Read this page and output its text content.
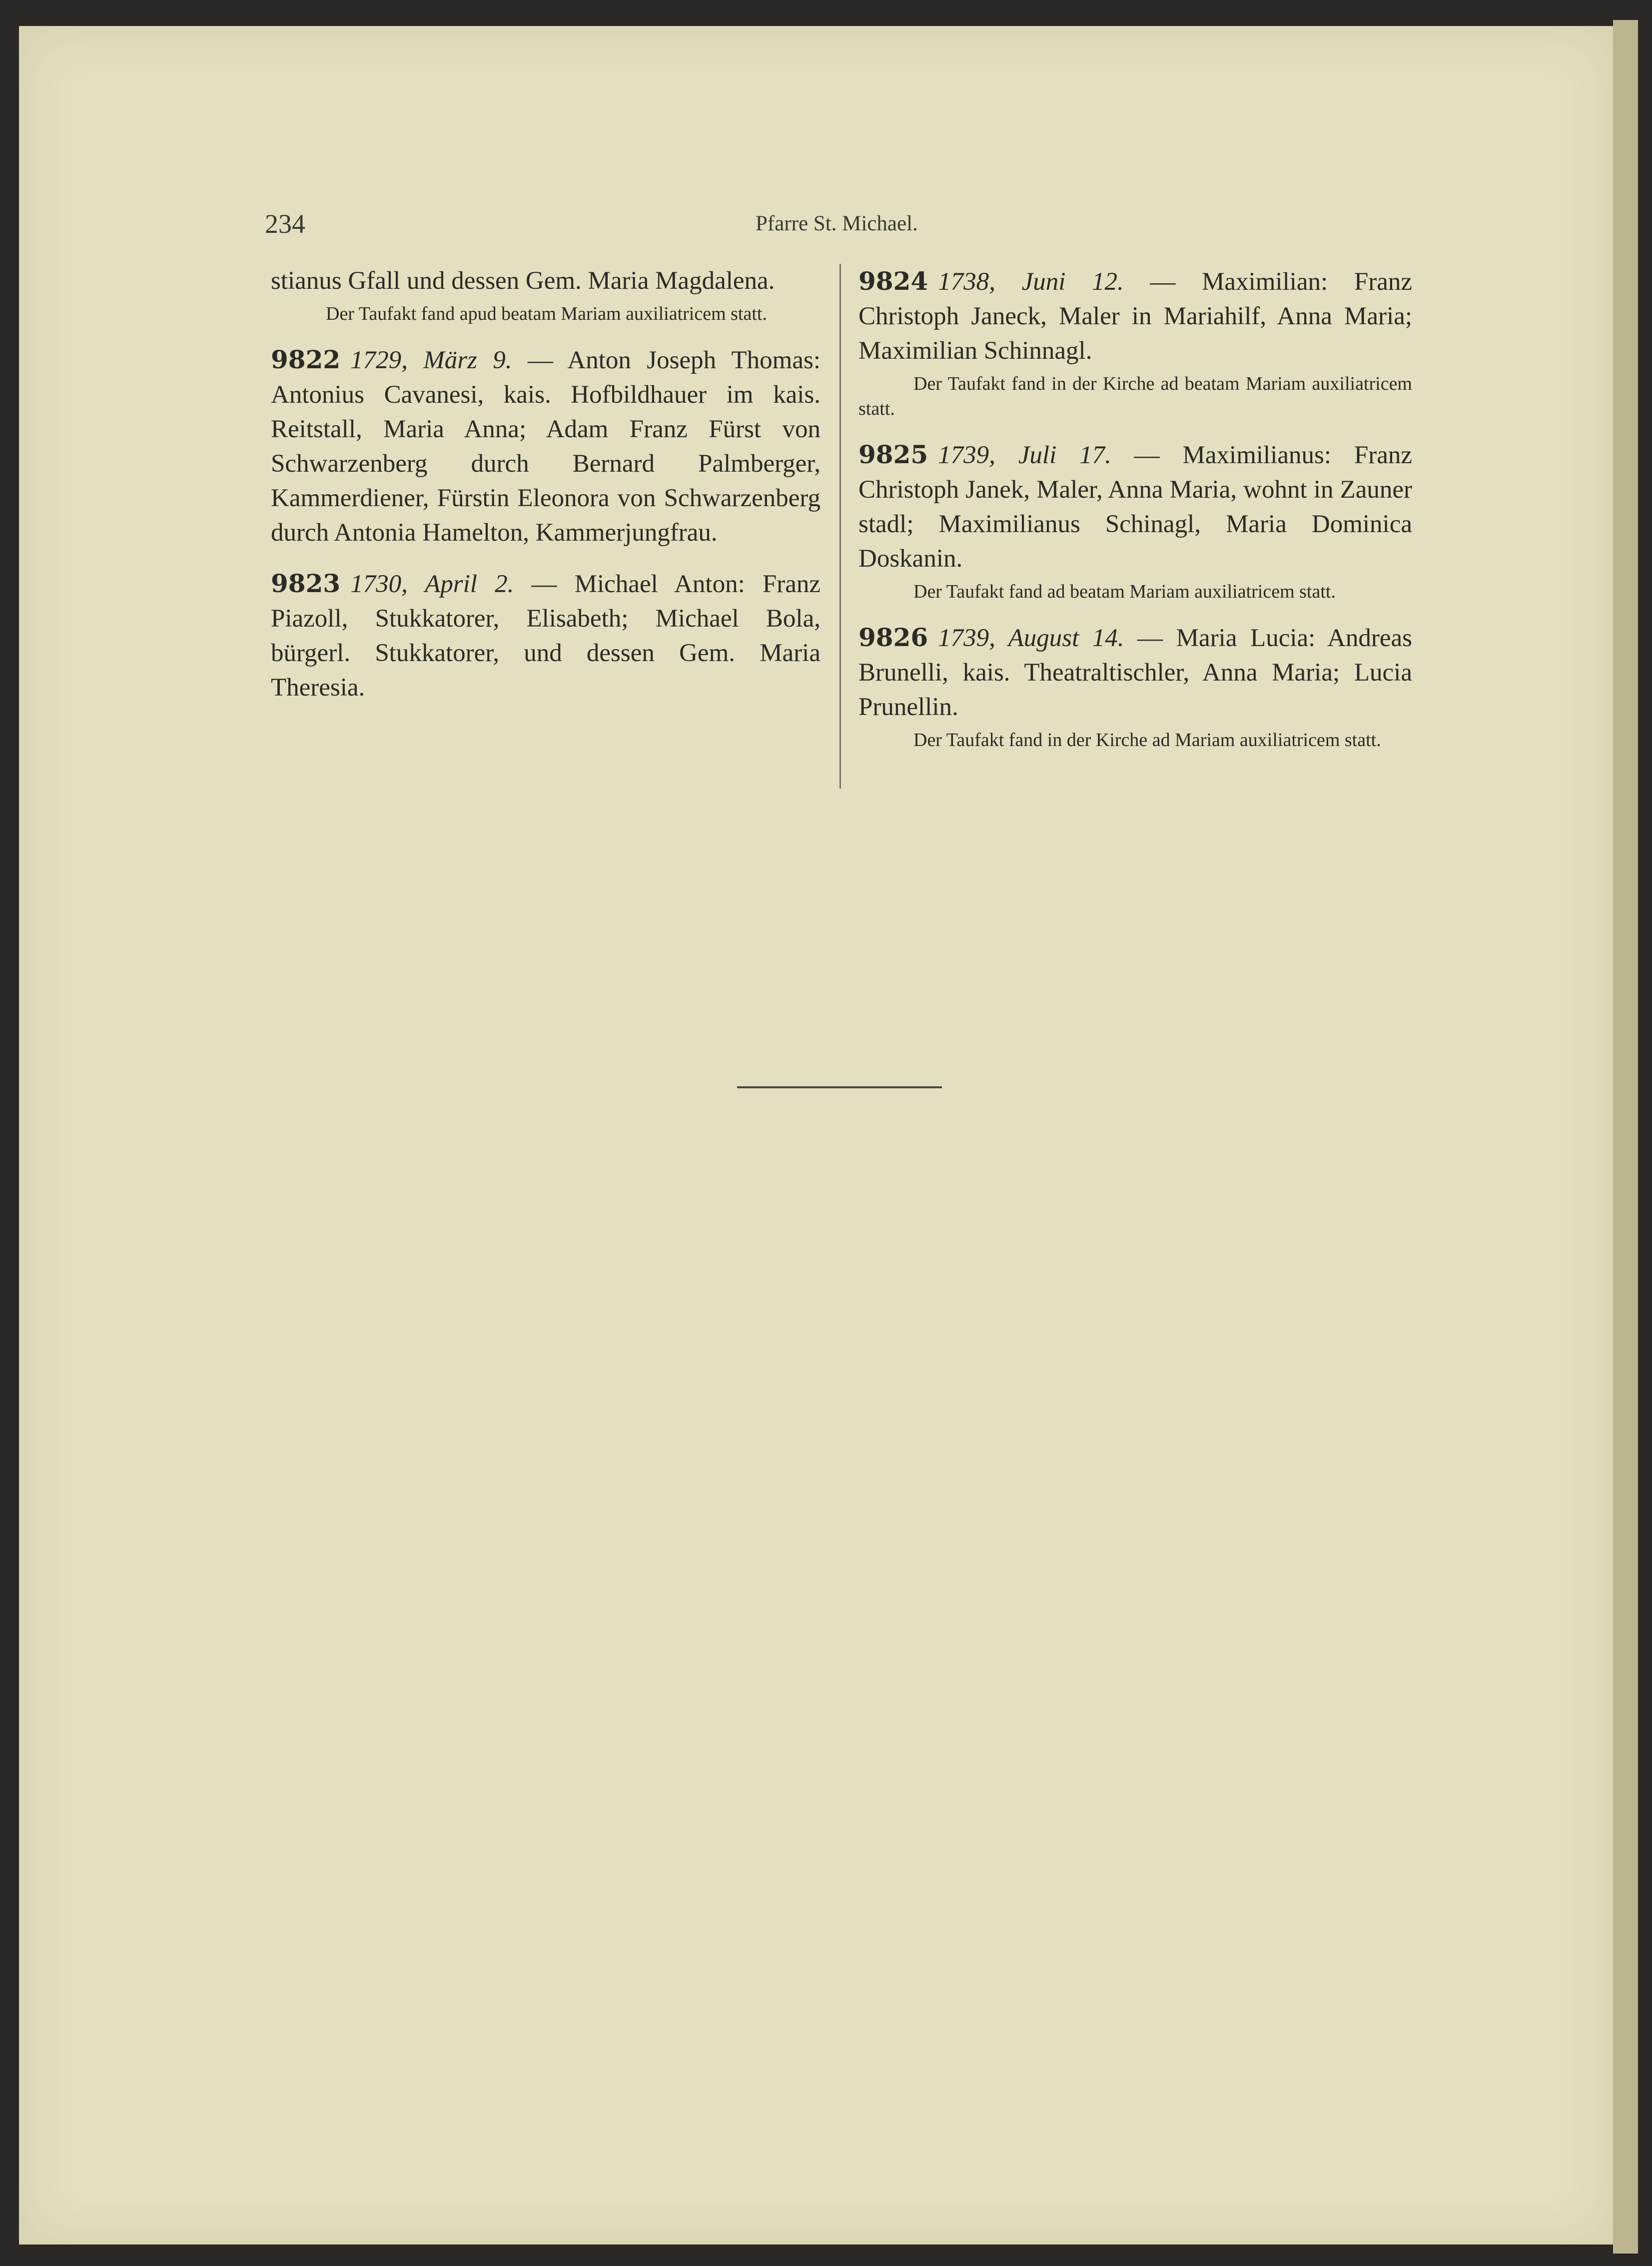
234	Pfarre St. Michael.

stianus Gfall und dessen Gem. Maria Magdalena.

Der Taufakt fand apud beatam Mariam auxiliatricem statt.

9822 1729, März 9. — Anton Joseph Thomas: Antonius Cavanesi, kais. Hofbildhauer im kais. Reitstall, Maria Anna; Adam Franz Fürst von Schwarzenberg durch Bernard Palmberger, Kammerdiener, Fürstin Eleonora von Schwarzenberg durch Antonia Hamelton, Kammerjungfrau.

9823 1730, April 2. — Michael Anton: Franz Piazoll, Stukkatorer, Elisabeth; Michael Bola, bürgerl. Stukkatorer, und dessen Gem. Maria Theresia.

9824 1738, Juni 12. — Maximilian: Franz Christoph Janeck, Maler in Mariahilf, Anna Maria; Maximilian Schinnagl.

Der Taufakt fand in der Kirche ad beatam Mariam auxiliatricem statt.

9825 1739, Juli 17. — Maximilianus: Franz Christoph Janek, Maler, Anna Maria, wohnt in Zauner stadl; Maximilianus Schinagl, Maria Dominica Doskanin.

Der Taufakt fand ad beatam Mariam auxiliatricem statt.

9826 1739, August 14. — Maria Lucia: Andreas Brunelli, kais. Theatraltischler, Anna Maria; Lucia Prunellin.

Der Taufakt fand in der Kirche ad Mariam auxiliatricem statt.
